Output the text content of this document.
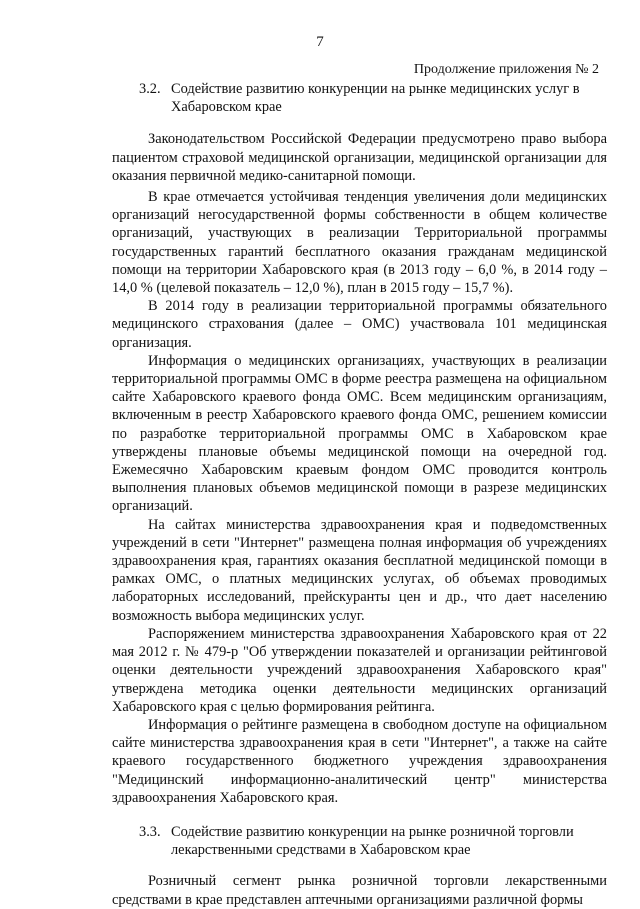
7
Продолжение приложения № 2
3.2. Содействие развитию конкуренции на рынке медицинских услуг в Хабаровском крае

Законодательством Российской Федерации предусмотрено право выбора пациентом страховой медицинской организации, медицинской организации для оказания первичной медико-санитарной помощи.

В крае отмечается устойчивая тенденция увеличения доли медицинских организаций негосударственной формы собственности в общем количестве организаций, участвующих в реализации Территориальной программы государственных гарантий бесплатного оказания гражданам медицинской помощи на территории Хабаровского края (в 2013 году – 6,0 %, в 2014 году – 14,0 % (целевой показатель – 12,0 %), план в 2015 году – 15,7 %).

В 2014 году в реализации территориальной программы обязательного медицинского страхования (далее – ОМС) участвовала 101 медицинская организация.

Информация о медицинских организациях, участвующих в реализации территориальной программы ОМС в форме реестра размещена на официальном сайте Хабаровского краевого фонда ОМС. Всем медицинским организациям, включенным в реестр Хабаровского краевого фонда ОМС, решением комиссии по разработке территориальной программы ОМС в Хабаровском крае утверждены плановые объемы медицинской помощи на очередной год. Ежемесячно Хабаровским краевым фондом ОМС проводится контроль выполнения плановых объемов медицинской помощи в разрезе медицинских организаций.

На сайтах министерства здравоохранения края и подведомственных учреждений в сети "Интернет" размещена полная информация об учреждениях здравоохранения края, гарантиях оказания бесплатной медицинской помощи в рамках ОМС, о платных медицинских услугах, об объемах проводимых лабораторных исследований, прейскуранты цен и др., что дает населению возможность выбора медицинских услуг.

Распоряжением министерства здравоохранения Хабаровского края от 22 мая 2012 г. № 479-р "Об утверждении показателей и организации рейтинговой оценки деятельности учреждений здравоохранения Хабаровского края" утверждена методика оценки деятельности медицинских организаций Хабаровского края с целью формирования рейтинга.

Информация о рейтинге размещена в свободном доступе на официальном сайте министерства здравоохранения края в сети "Интернет", а также на сайте краевого государственного бюджетного учреждения здравоохранения "Медицинский информационно-аналитический центр" министерства здравоохранения Хабаровского края.

3.3. Содействие развитию конкуренции на рынке розничной торговли лекарственными средствами в Хабаровском крае

Розничный сегмент рынка розничной торговли лекарственными средствами в крае представлен аптечными организациями различной формы
